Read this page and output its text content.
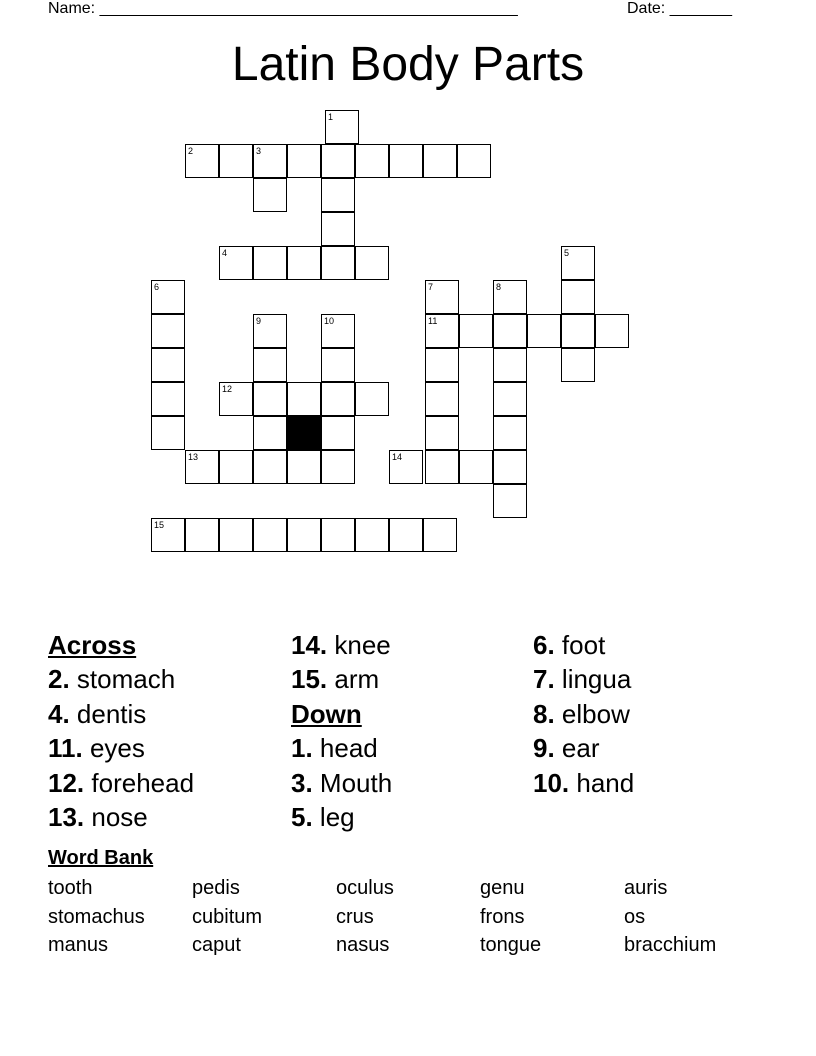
Name: _______________________________________________	Date: _______
Latin Body Parts
1
2	3
4	5
6	7	8
9	10	11
12
13	14
15
Across
2. stomach
4. dentis
11. eyes
12. forehead
13. nose
14. knee
15. arm
Down
1. head
3. Mouth
5. leg
6. foot
7. lingua
8. elbow
9. ear
10. hand
Word Bank
tooth	pedis	oculus	genu	auris
stomachus	cubitum	crus	frons	os
manus	caput	nasus	tongue	bracchium
